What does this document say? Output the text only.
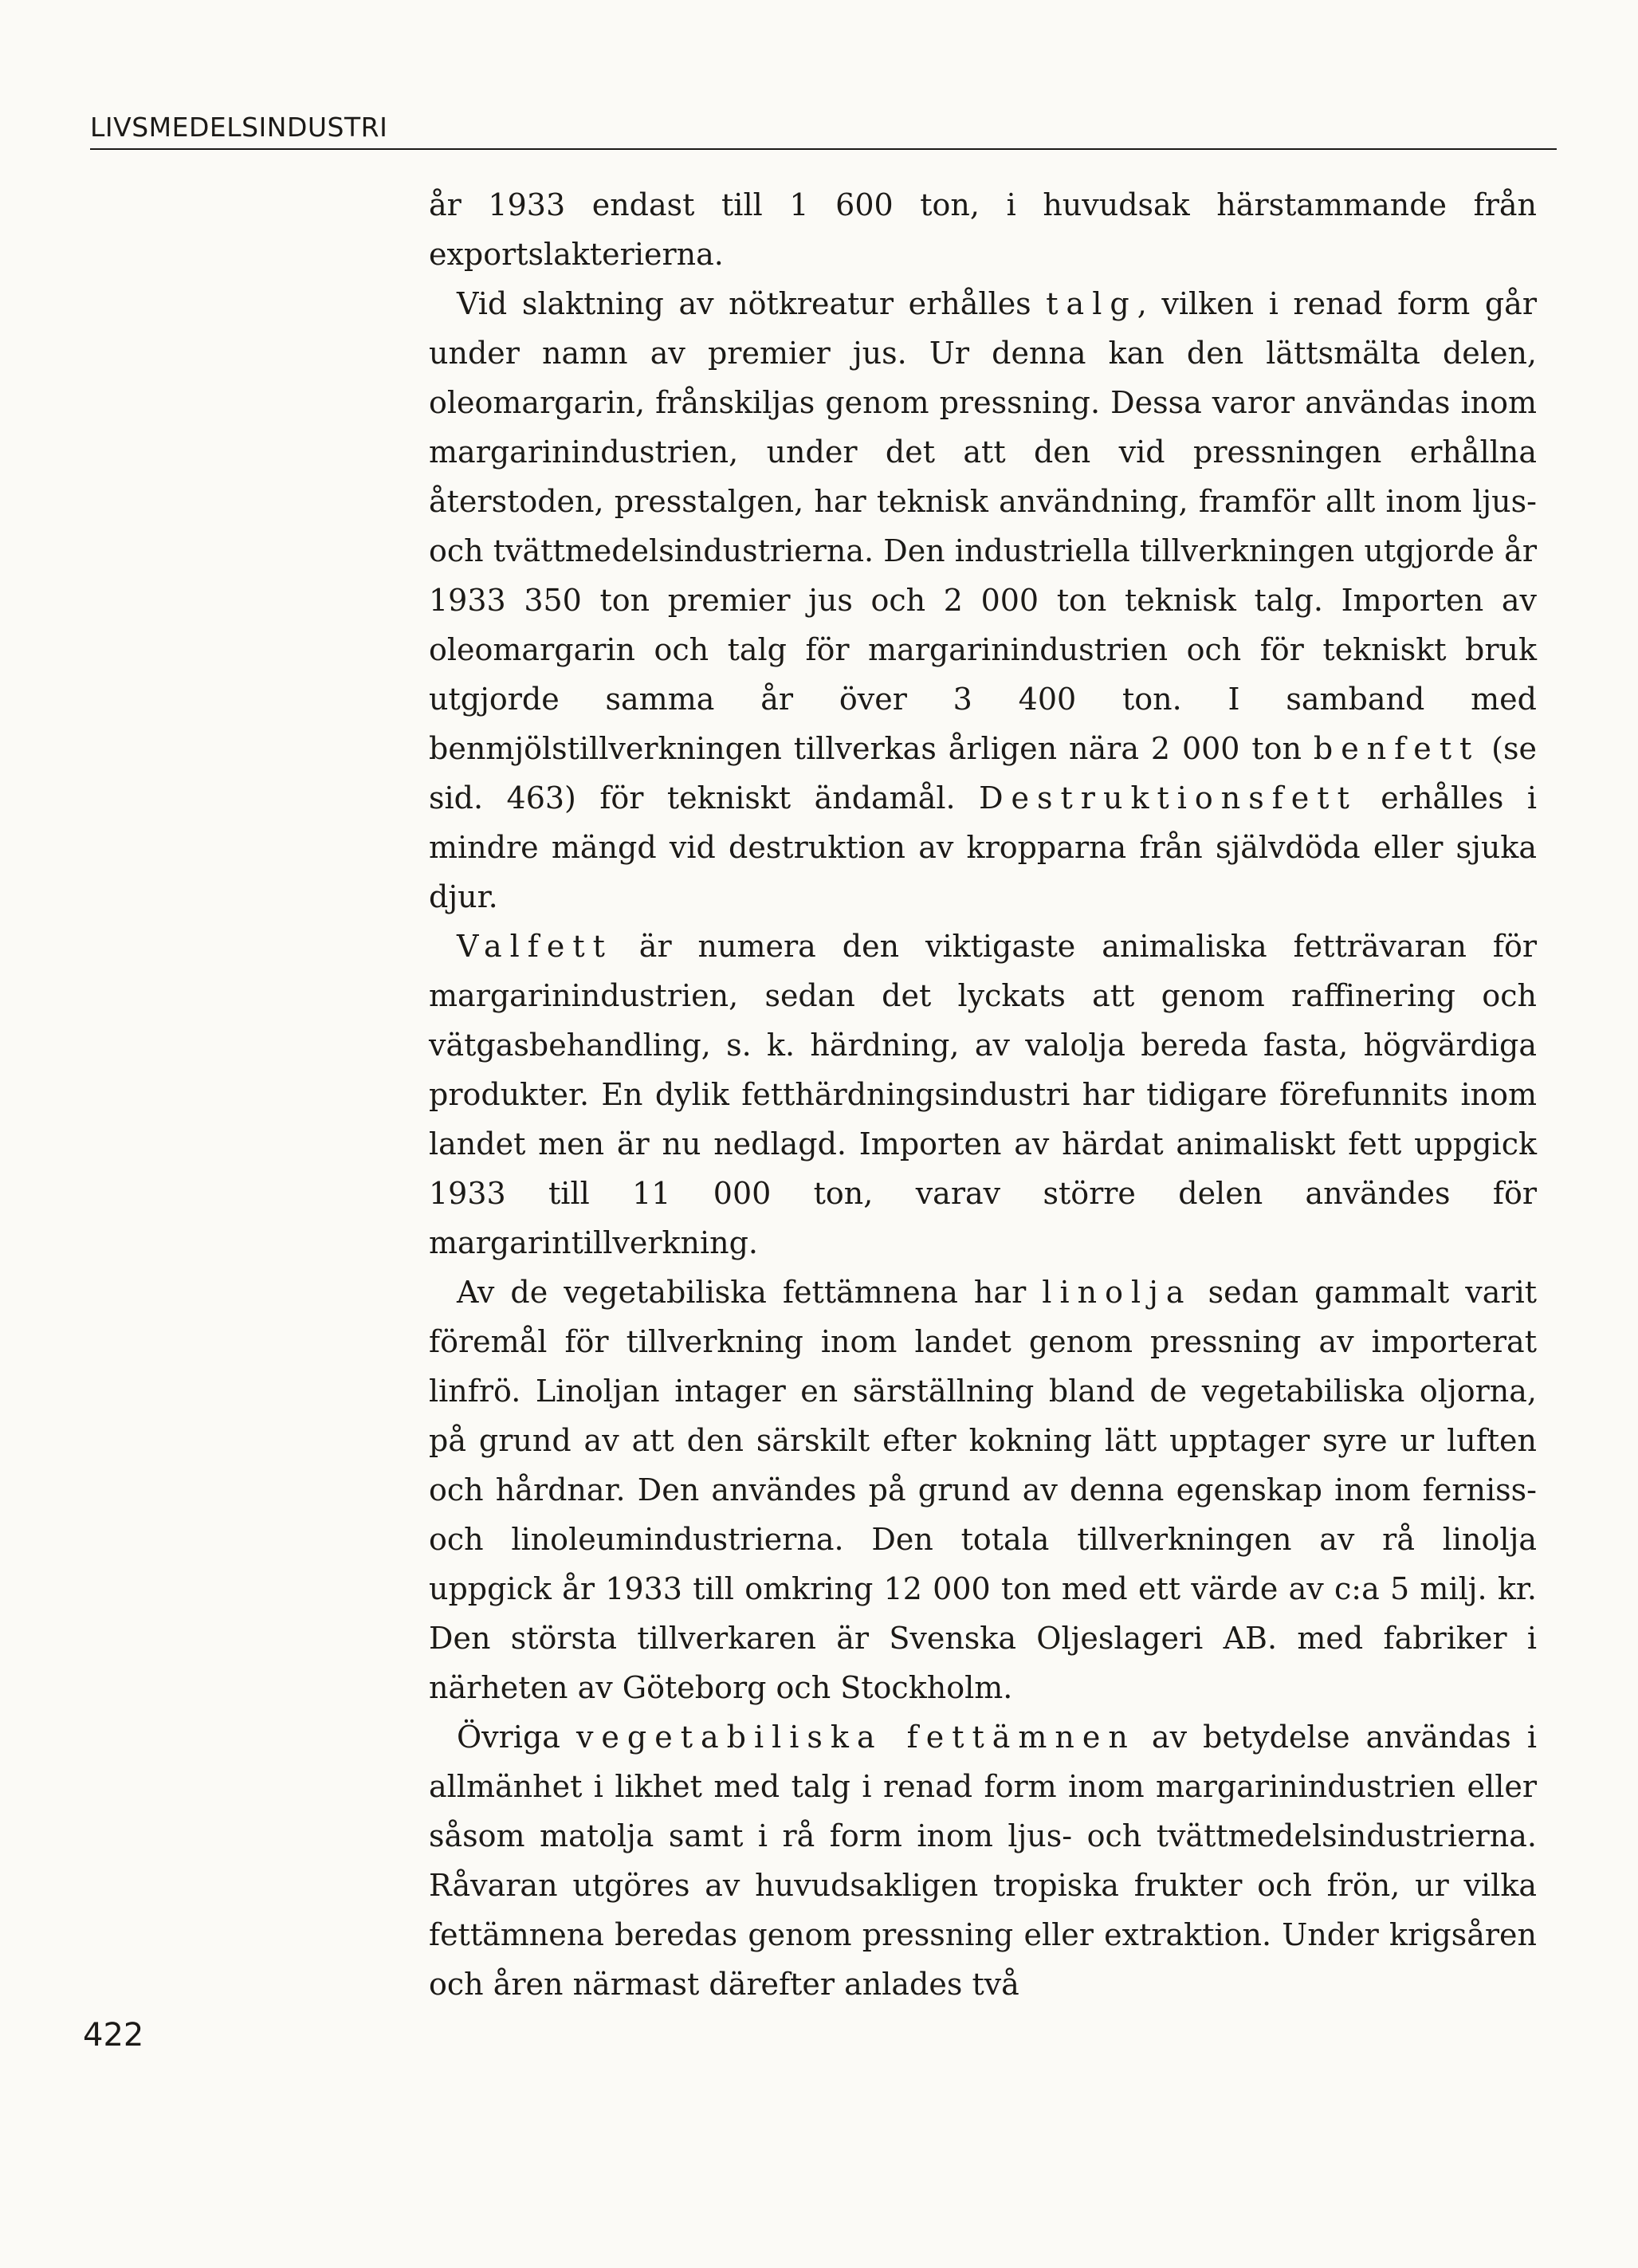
LIVSMEDELSINDUSTRI

år 1933 endast till 1 600 ton, i huvudsak härstammande från exportslakterierna.

Vid slaktning av nötkreatur erhålles talg, vilken i renad form går under namn av premier jus. Ur denna kan den lättsmälta delen, oleomargarin, frånskiljas genom pressning. Dessa varor användas inom margarinindustrien, under det att den vid pressningen erhållna återstoden, presstalgen, har teknisk användning, framför allt inom ljus- och tvättmedelsindustrierna. Den industriella tillverkningen utgjorde år 1933 350 ton premier jus och 2 000 ton teknisk talg. Importen av oleomargarin och talg för margarinindustrien och för tekniskt bruk utgjorde samma år över 3 400 ton. I samband med benmjölstillverkningen tillverkas årligen nära 2 000 ton benfett (se sid. 463) för tekniskt ändamål. Destruktionsfett erhålles i mindre mängd vid destruktion av kropparna från självdöda eller sjuka djur.

Valfett är numera den viktigaste animaliska fetträvaran för margarinindustrien, sedan det lyckats att genom raffinering och vätgasbehandling, s. k. härdning, av valolja bereda fasta, högvärdiga produkter. En dylik fetthärdningsindustri har tidigare förefunnits inom landet men är nu nedlagd. Importen av härdat animaliskt fett uppgick 1933 till 11 000 ton, varav större delen användes för margarintillverkning.

Av de vegetabiliska fettämnena har linolja sedan gammalt varit föremål för tillverkning inom landet genom pressning av importerat linfrö. Linoljan intager en särställning bland de vegetabiliska oljorna, på grund av att den särskilt efter kokning lätt upptager syre ur luften och hårdnar. Den användes på grund av denna egenskap inom ferniss- och linoleumindustrierna. Den totala tillverkningen av rå linolja uppgick år 1933 till omkring 12 000 ton med ett värde av c:a 5 milj. kr. Den största tillverkaren är Svenska Oljeslageri AB. med fabriker i närheten av Göteborg och Stockholm.

Övriga vegetabiliska fettämnen av betydelse användas i allmänhet i likhet med talg i renad form inom margarinindustrien eller såsom matolja samt i rå form inom ljus- och tvättmedelsindustrierna. Råvaran utgöres av huvudsakligen tropiska frukter och frön, ur vilka fettämnena beredas genom pressning eller extraktion. Under krigsåren och åren närmast därefter anlades två

422
